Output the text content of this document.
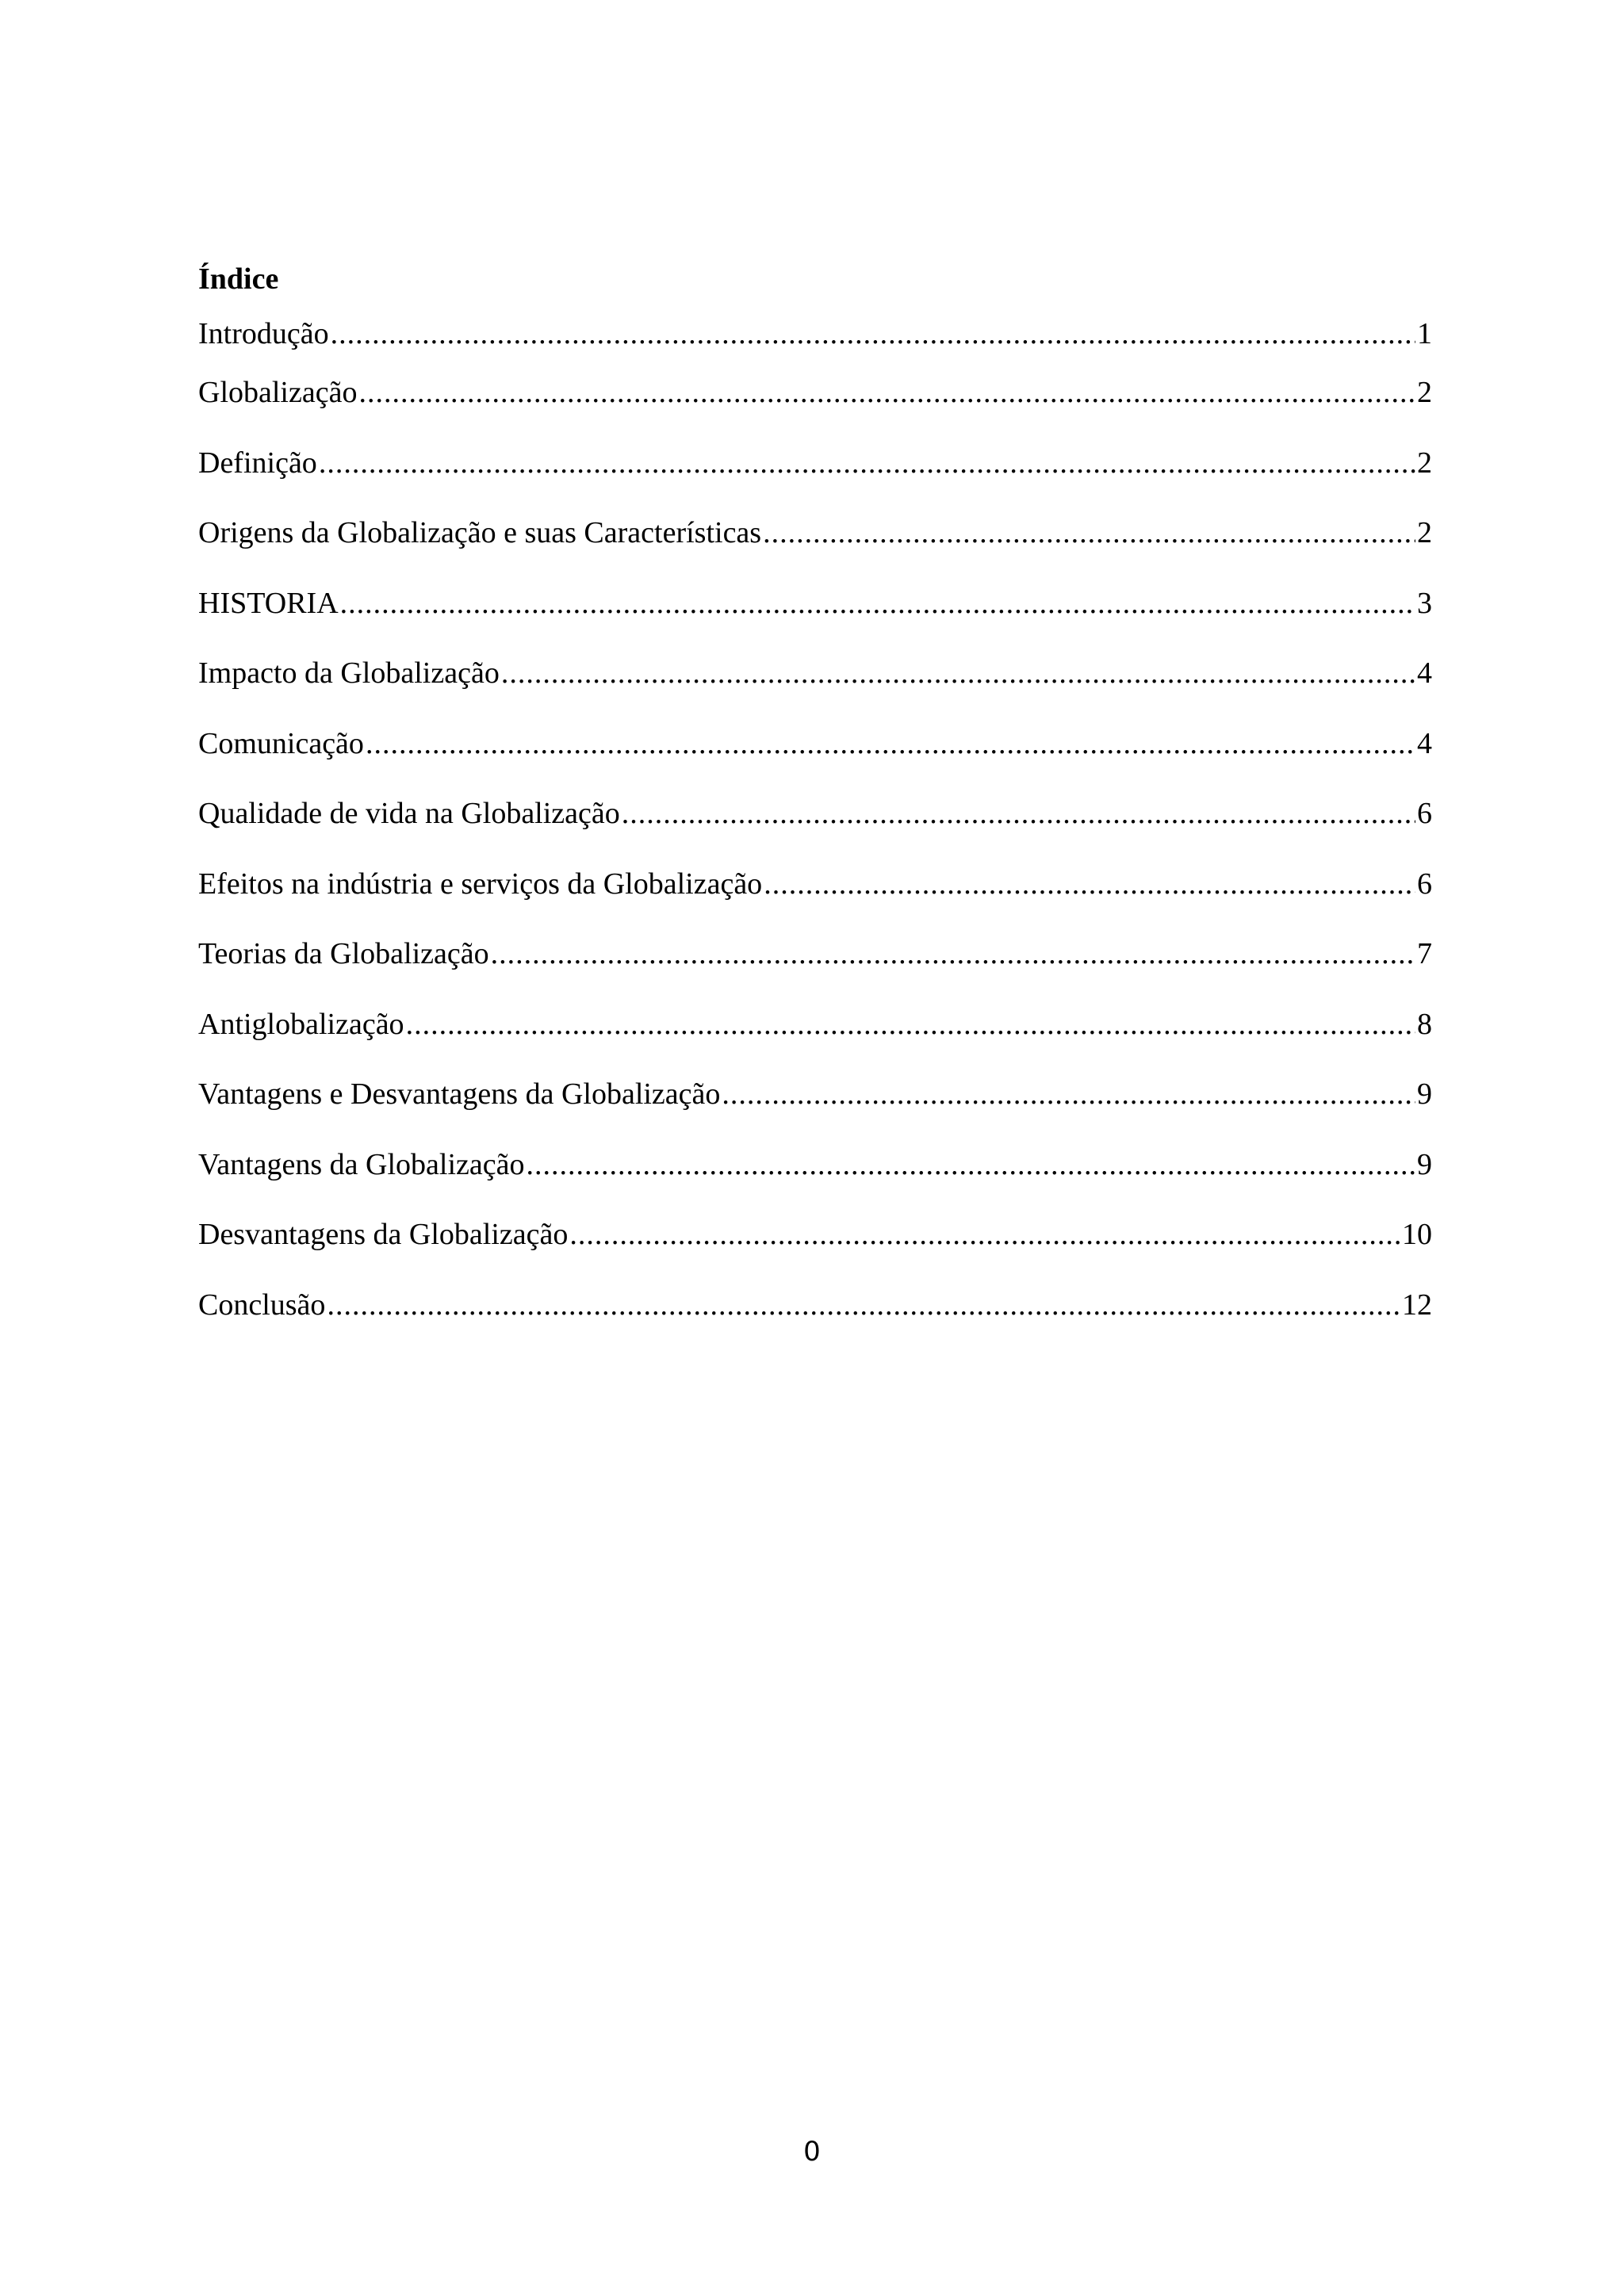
Índice
Introdução .....	1
Globalização .....	2
Definição .....	2
Origens da Globalização e suas Características .....	2
HISTORIA .....	3
Impacto da Globalização .....	4
Comunicação .....	4
Qualidade de vida na Globalização .....	6
Efeitos na indústria e serviços da Globalização .....	6
Teorias da Globalização .....	7
Antiglobalização .....	8
Vantagens e Desvantagens da Globalização .....	9
Vantagens da Globalização .....	9
Desvantagens da Globalização .....	10
Conclusão .....	12
0
